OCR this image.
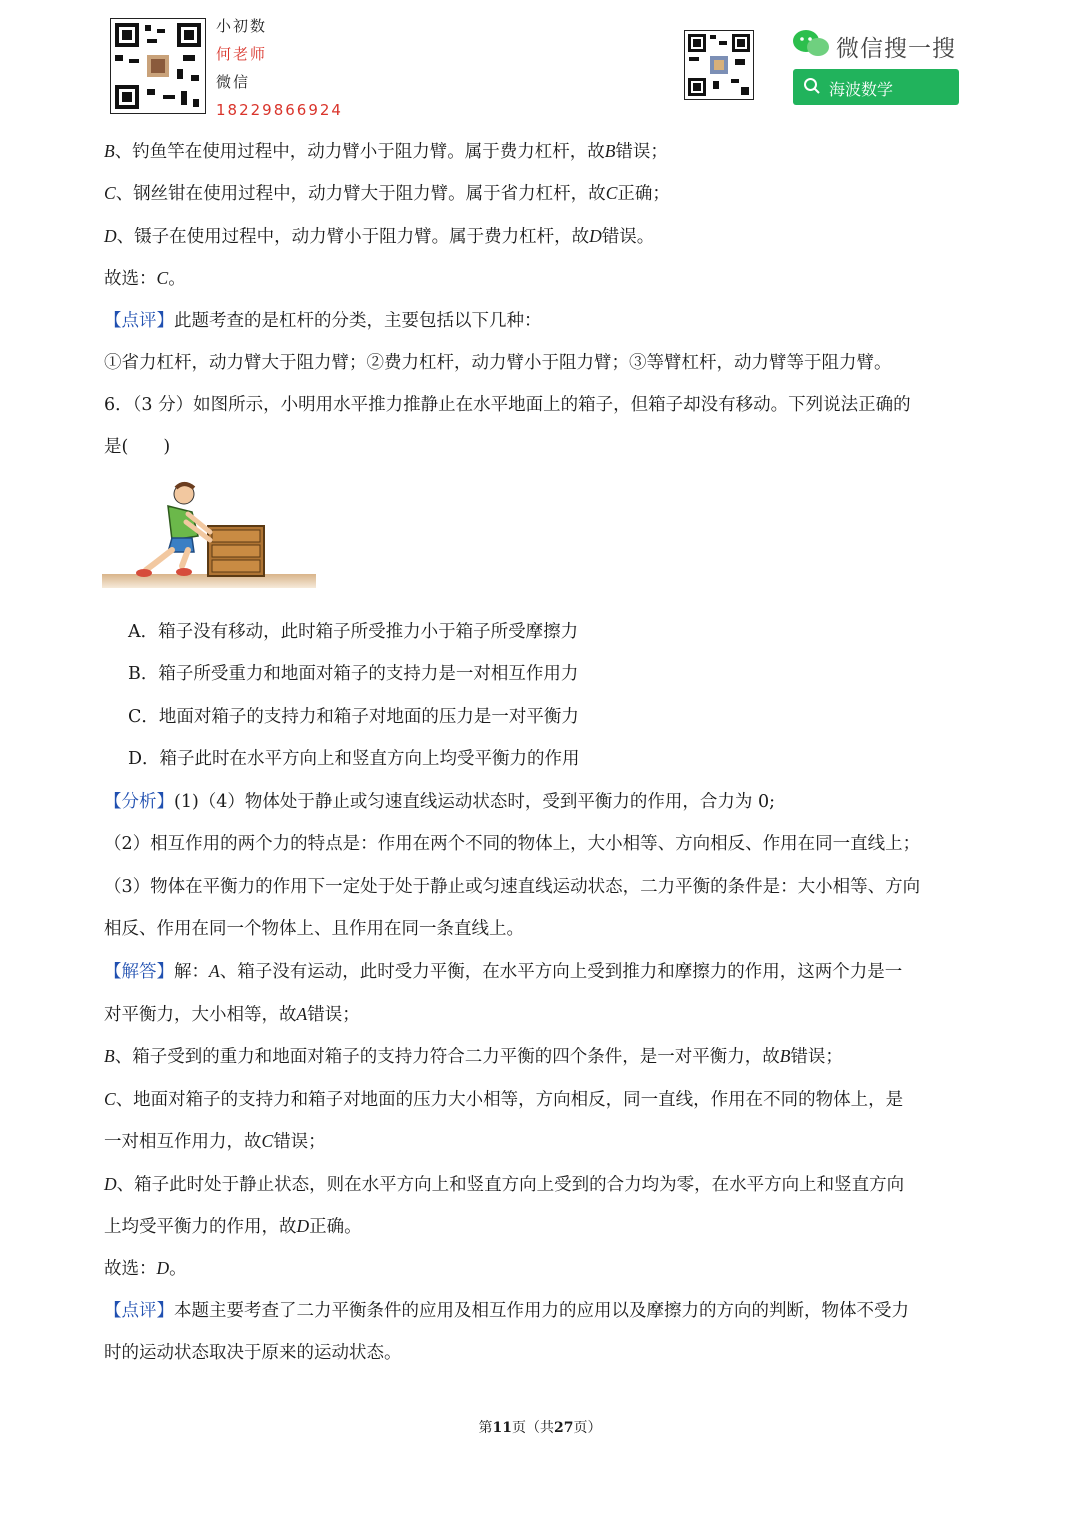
小初数
何老师
微信
18229866924
微信搜一搜
海波数学
B、钓鱼竿在使用过程中，动力臂小于阻力臂。属于费力杠杆，故B错误；
C、钢丝钳在使用过程中，动力臂大于阻力臂。属于省力杠杆，故C正确；
D、镊子在使用过程中，动力臂小于阻力臂。属于费力杠杆，故D错误。
故选：C。
【点评】此题考查的是杠杆的分类，主要包括以下几种：
①省力杠杆，动力臂大于阻力臂；②费力杠杆，动力臂小于阻力臂；③等臂杠杆，动力臂等于阻力臂。
6．（3 分）如图所示，小明用水平推力推静止在水平地面上的箱子，但箱子却没有移动。下列说法正确的
是(　　)
A．箱子没有移动，此时箱子所受推力小于箱子所受摩擦力
B．箱子所受重力和地面对箱子的支持力是一对相互作用力
C．地面对箱子的支持力和箱子对地面的压力是一对平衡力
D．箱子此时在水平方向上和竖直方向上均受平衡力的作用
【分析】(1)（4）物体处于静止或匀速直线运动状态时，受到平衡力的作用，合力为 0;
（2）相互作用的两个力的特点是：作用在两个不同的物体上，大小相等、方向相反、作用在同一直线上；
（3）物体在平衡力的作用下一定处于处于静止或匀速直线运动状态，二力平衡的条件是：大小相等、方向
相反、作用在同一个物体上、且作用在同一条直线上。
【解答】解：A、箱子没有运动，此时受力平衡，在水平方向上受到推力和摩擦力的作用，这两个力是一
对平衡力，大小相等，故A错误；
B、箱子受到的重力和地面对箱子的支持力符合二力平衡的四个条件，是一对平衡力，故B错误；
C、地面对箱子的支持力和箱子对地面的压力大小相等，方向相反，同一直线，作用在不同的物体上，是
一对相互作用力，故C错误；
D、箱子此时处于静止状态，则在水平方向上和竖直方向上受到的合力均为零，在水平方向上和竖直方向
上均受平衡力的作用，故D正确。
故选：D。
【点评】本题主要考查了二力平衡条件的应用及相互作用力的应用以及摩擦力的方向的判断，物体不受力
时的运动状态取决于原来的运动状态。
第11页（共27页）
